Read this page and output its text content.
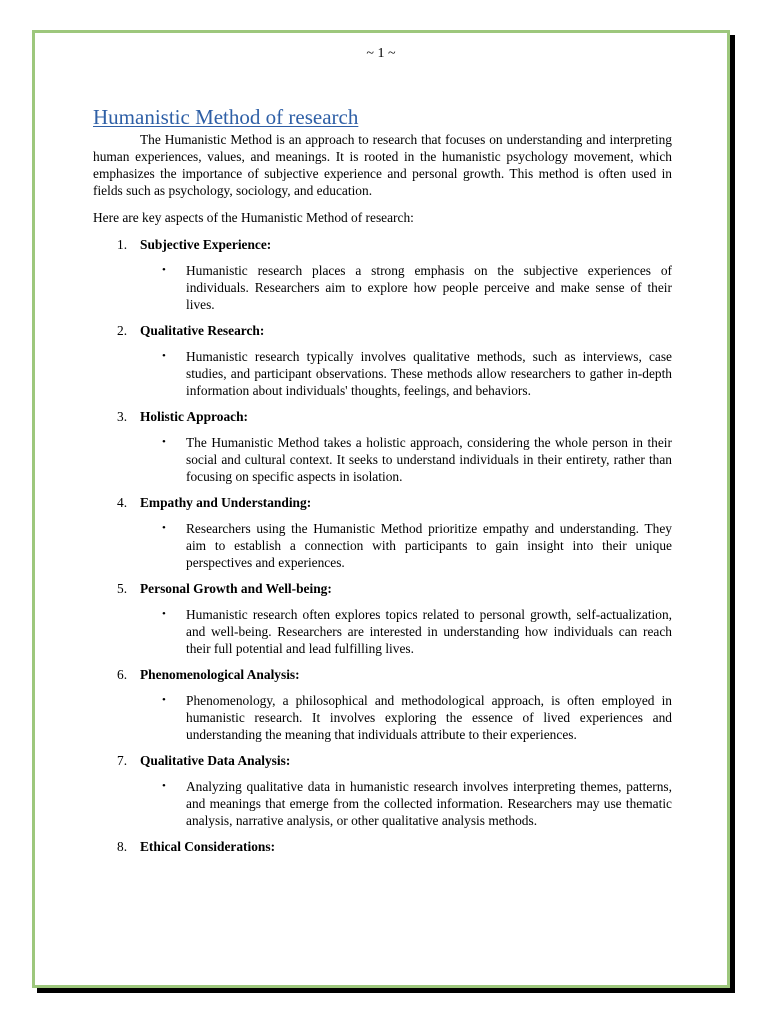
~ 1 ~
Humanistic Method of research

The Humanistic Method is an approach to research that focuses on understanding and interpreting human experiences, values, and meanings. It is rooted in the humanistic psychology movement, which emphasizes the importance of subjective experience and personal growth. This method is often used in fields such as psychology, sociology, and education.

Here are key aspects of the Humanistic Method of research:

1. Subjective Experience:
• Humanistic research places a strong emphasis on the subjective experiences of individuals. Researchers aim to explore how people perceive and make sense of their lives.
2. Qualitative Research:
• Humanistic research typically involves qualitative methods, such as interviews, case studies, and participant observations. These methods allow researchers to gather in-depth information about individuals' thoughts, feelings, and behaviors.
3. Holistic Approach:
• The Humanistic Method takes a holistic approach, considering the whole person in their social and cultural context. It seeks to understand individuals in their entirety, rather than focusing on specific aspects in isolation.
4. Empathy and Understanding:
• Researchers using the Humanistic Method prioritize empathy and understanding. They aim to establish a connection with participants to gain insight into their unique perspectives and experiences.
5. Personal Growth and Well-being:
• Humanistic research often explores topics related to personal growth, self-actualization, and well-being. Researchers are interested in understanding how individuals can reach their full potential and lead fulfilling lives.
6. Phenomenological Analysis:
• Phenomenology, a philosophical and methodological approach, is often employed in humanistic research. It involves exploring the essence of lived experiences and understanding the meaning that individuals attribute to their experiences.
7. Qualitative Data Analysis:
• Analyzing qualitative data in humanistic research involves interpreting themes, patterns, and meanings that emerge from the collected information. Researchers may use thematic analysis, narrative analysis, or other qualitative analysis methods.
8. Ethical Considerations:
